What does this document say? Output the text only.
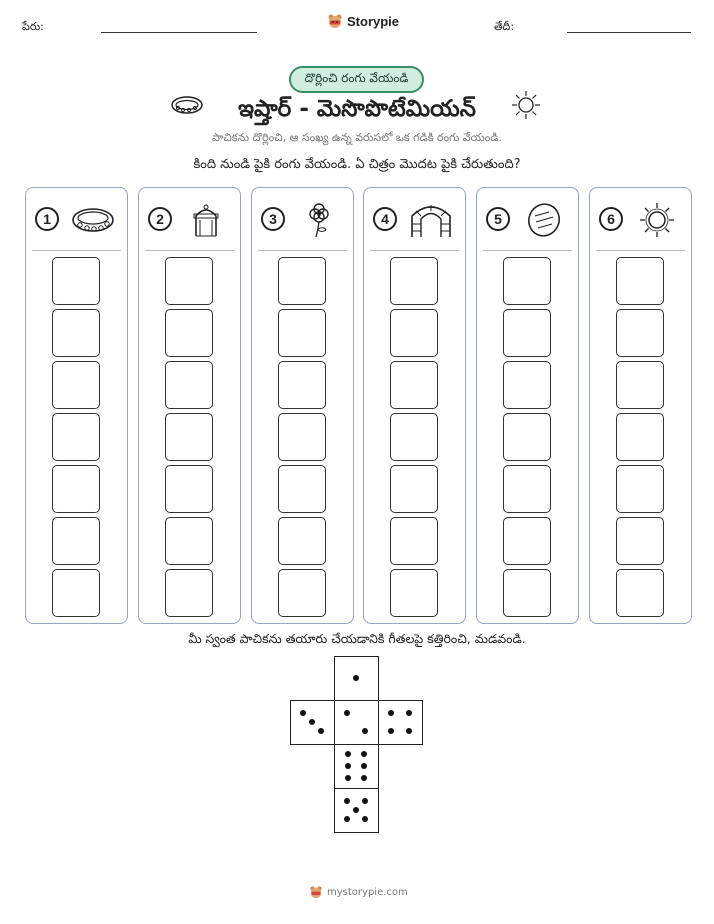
పేరు:	Storypie	తేదీ:
దొర్లించి రంగు వేయండి
ఇష్తార్ - మెసొపొటేమియన్
పాచికను దొర్లించి, ఆ సంఖ్య ఉన్న వరుసలో ఒక గడికి రంగు వేయండి.
కింది నుండి పైకి రంగు వేయండి. ఏ చిత్రం మొదట పైకి చేరుతుంది?
1	2	3	4	5	6
మీ స్వంత పాచికను తయారు చేయడానికి గీతలపై కత్తిరించి, మడవండి.
mystorypie.com
